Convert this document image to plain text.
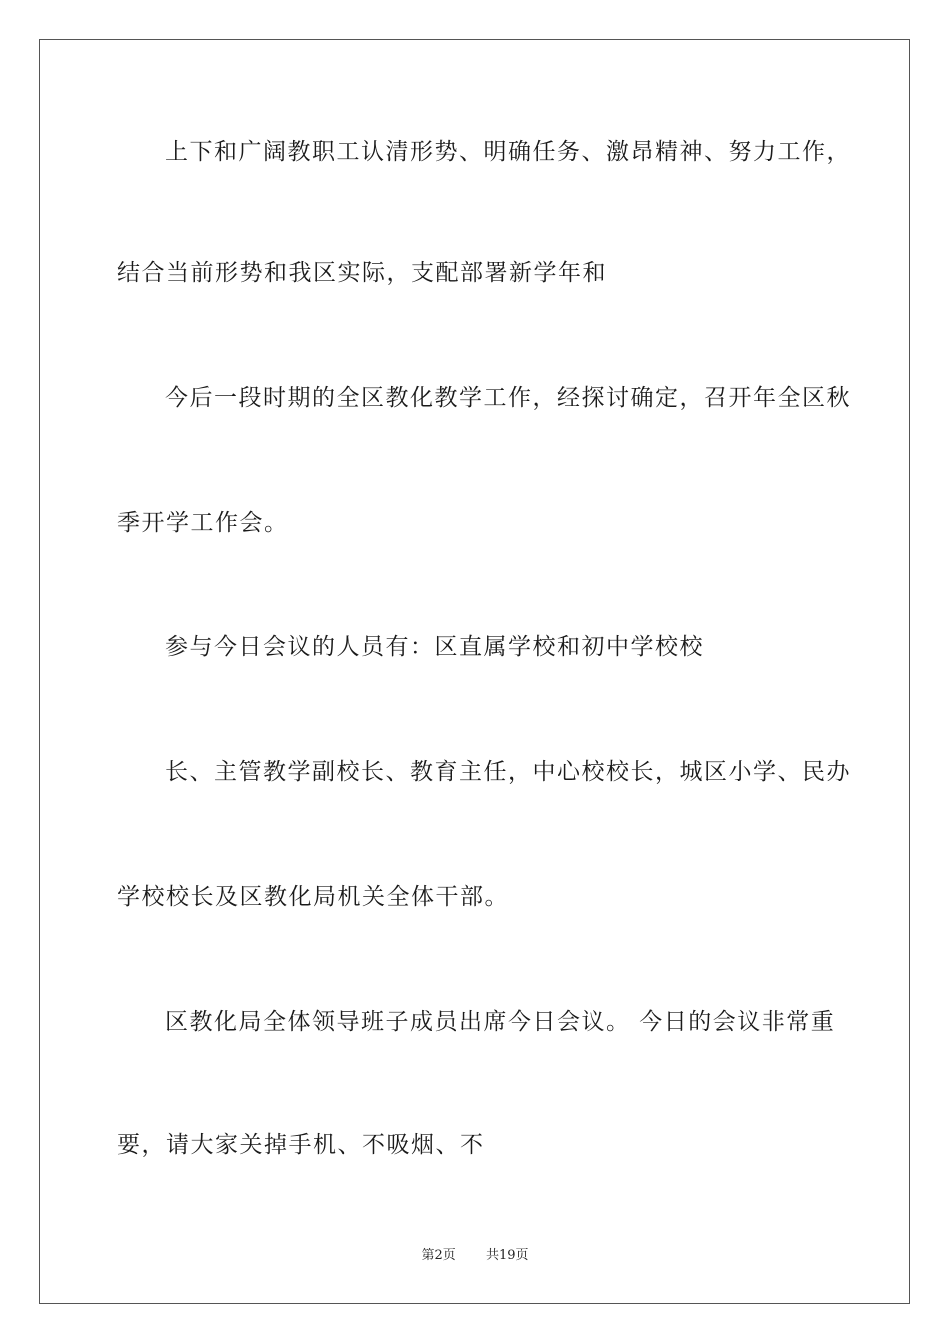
上下和广阔教职工认清形势、明确任务、激昂精神、努力工作，
结合当前形势和我区实际，支配部署新学年和
今后一段时期的全区教化教学工作，经探讨确定，召开年全区秋
季开学工作会。
参与今日会议的人员有：区直属学校和初中学校校
长、主管教学副校长、教育主任，中心校校长，城区小学、民办
学校校长及区教化局机关全体干部。
区教化局全体领导班子成员出席今日会议。 今日的会议非常重
要，请大家关掉手机、不吸烟、不
第2页 共19页
